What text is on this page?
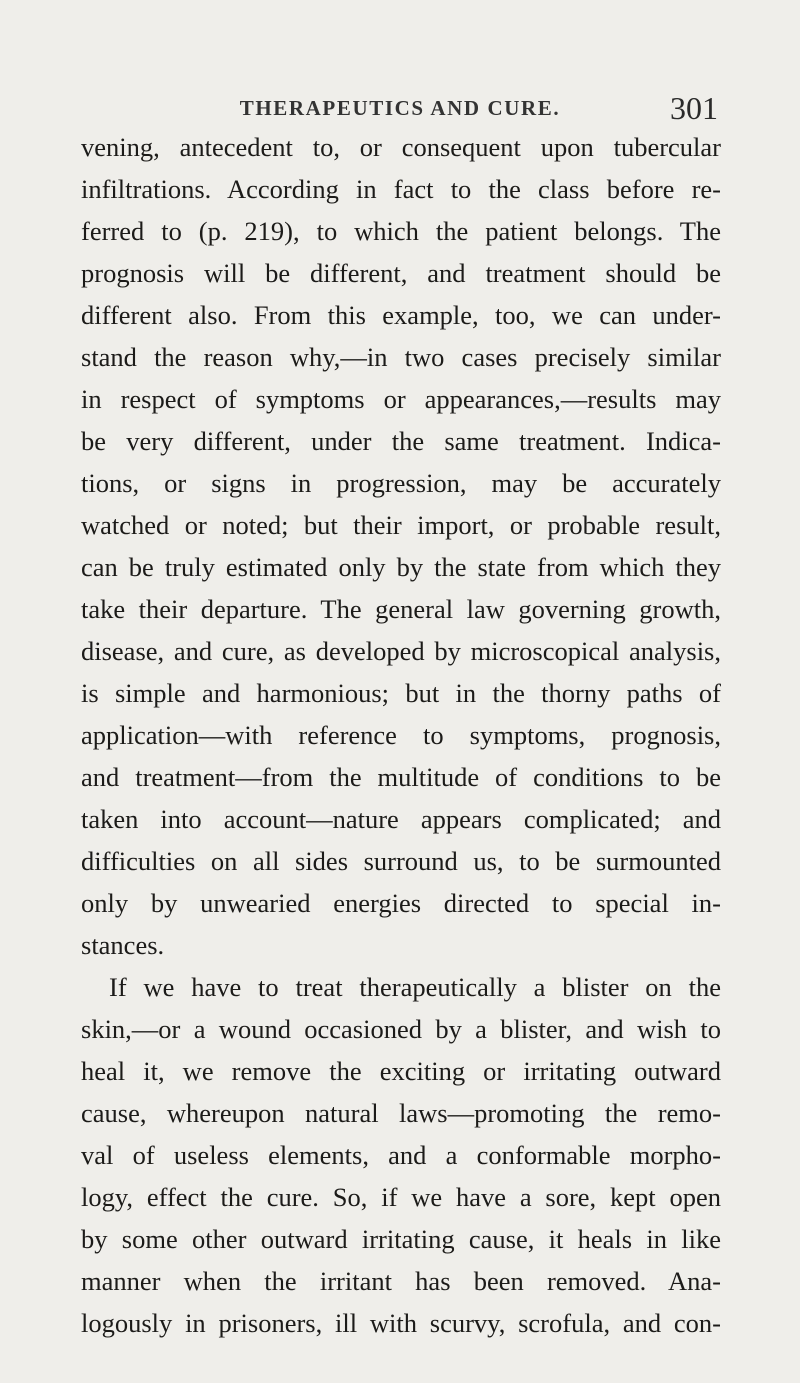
THERAPEUTICS AND CURE.	301
vening, antecedent to, or consequent upon tubercular
infiltrations. According in fact to the class before re-
ferred to (p. 219), to which the patient belongs. The
prognosis will be different, and treatment should be
different also. From this example, too, we can under-
stand the reason why,—in two cases precisely similar
in respect of symptoms or appearances,—results may
be very different, under the same treatment. Indica-
tions, or signs in progression, may be accurately
watched or noted; but their import, or probable result,
can be truly estimated only by the state from which they
take their departure. The general law governing growth,
disease, and cure, as developed by microscopical analysis,
is simple and harmonious; but in the thorny paths of
application—with reference to symptoms, prognosis,
and treatment—from the multitude of conditions to be
taken into account—nature appears complicated; and
difficulties on all sides surround us, to be surmounted
only by unwearied energies directed to special in-
stances.
If we have to treat therapeutically a blister on the
skin,—or a wound occasioned by a blister, and wish to
heal it, we remove the exciting or irritating outward
cause, whereupon natural laws—promoting the remo-
val of useless elements, and a conformable morpho-
logy, effect the cure. So, if we have a sore, kept open
by some other outward irritating cause, it heals in like
manner when the irritant has been removed. Ana-
logously in prisoners, ill with scurvy, scrofula, and con-
